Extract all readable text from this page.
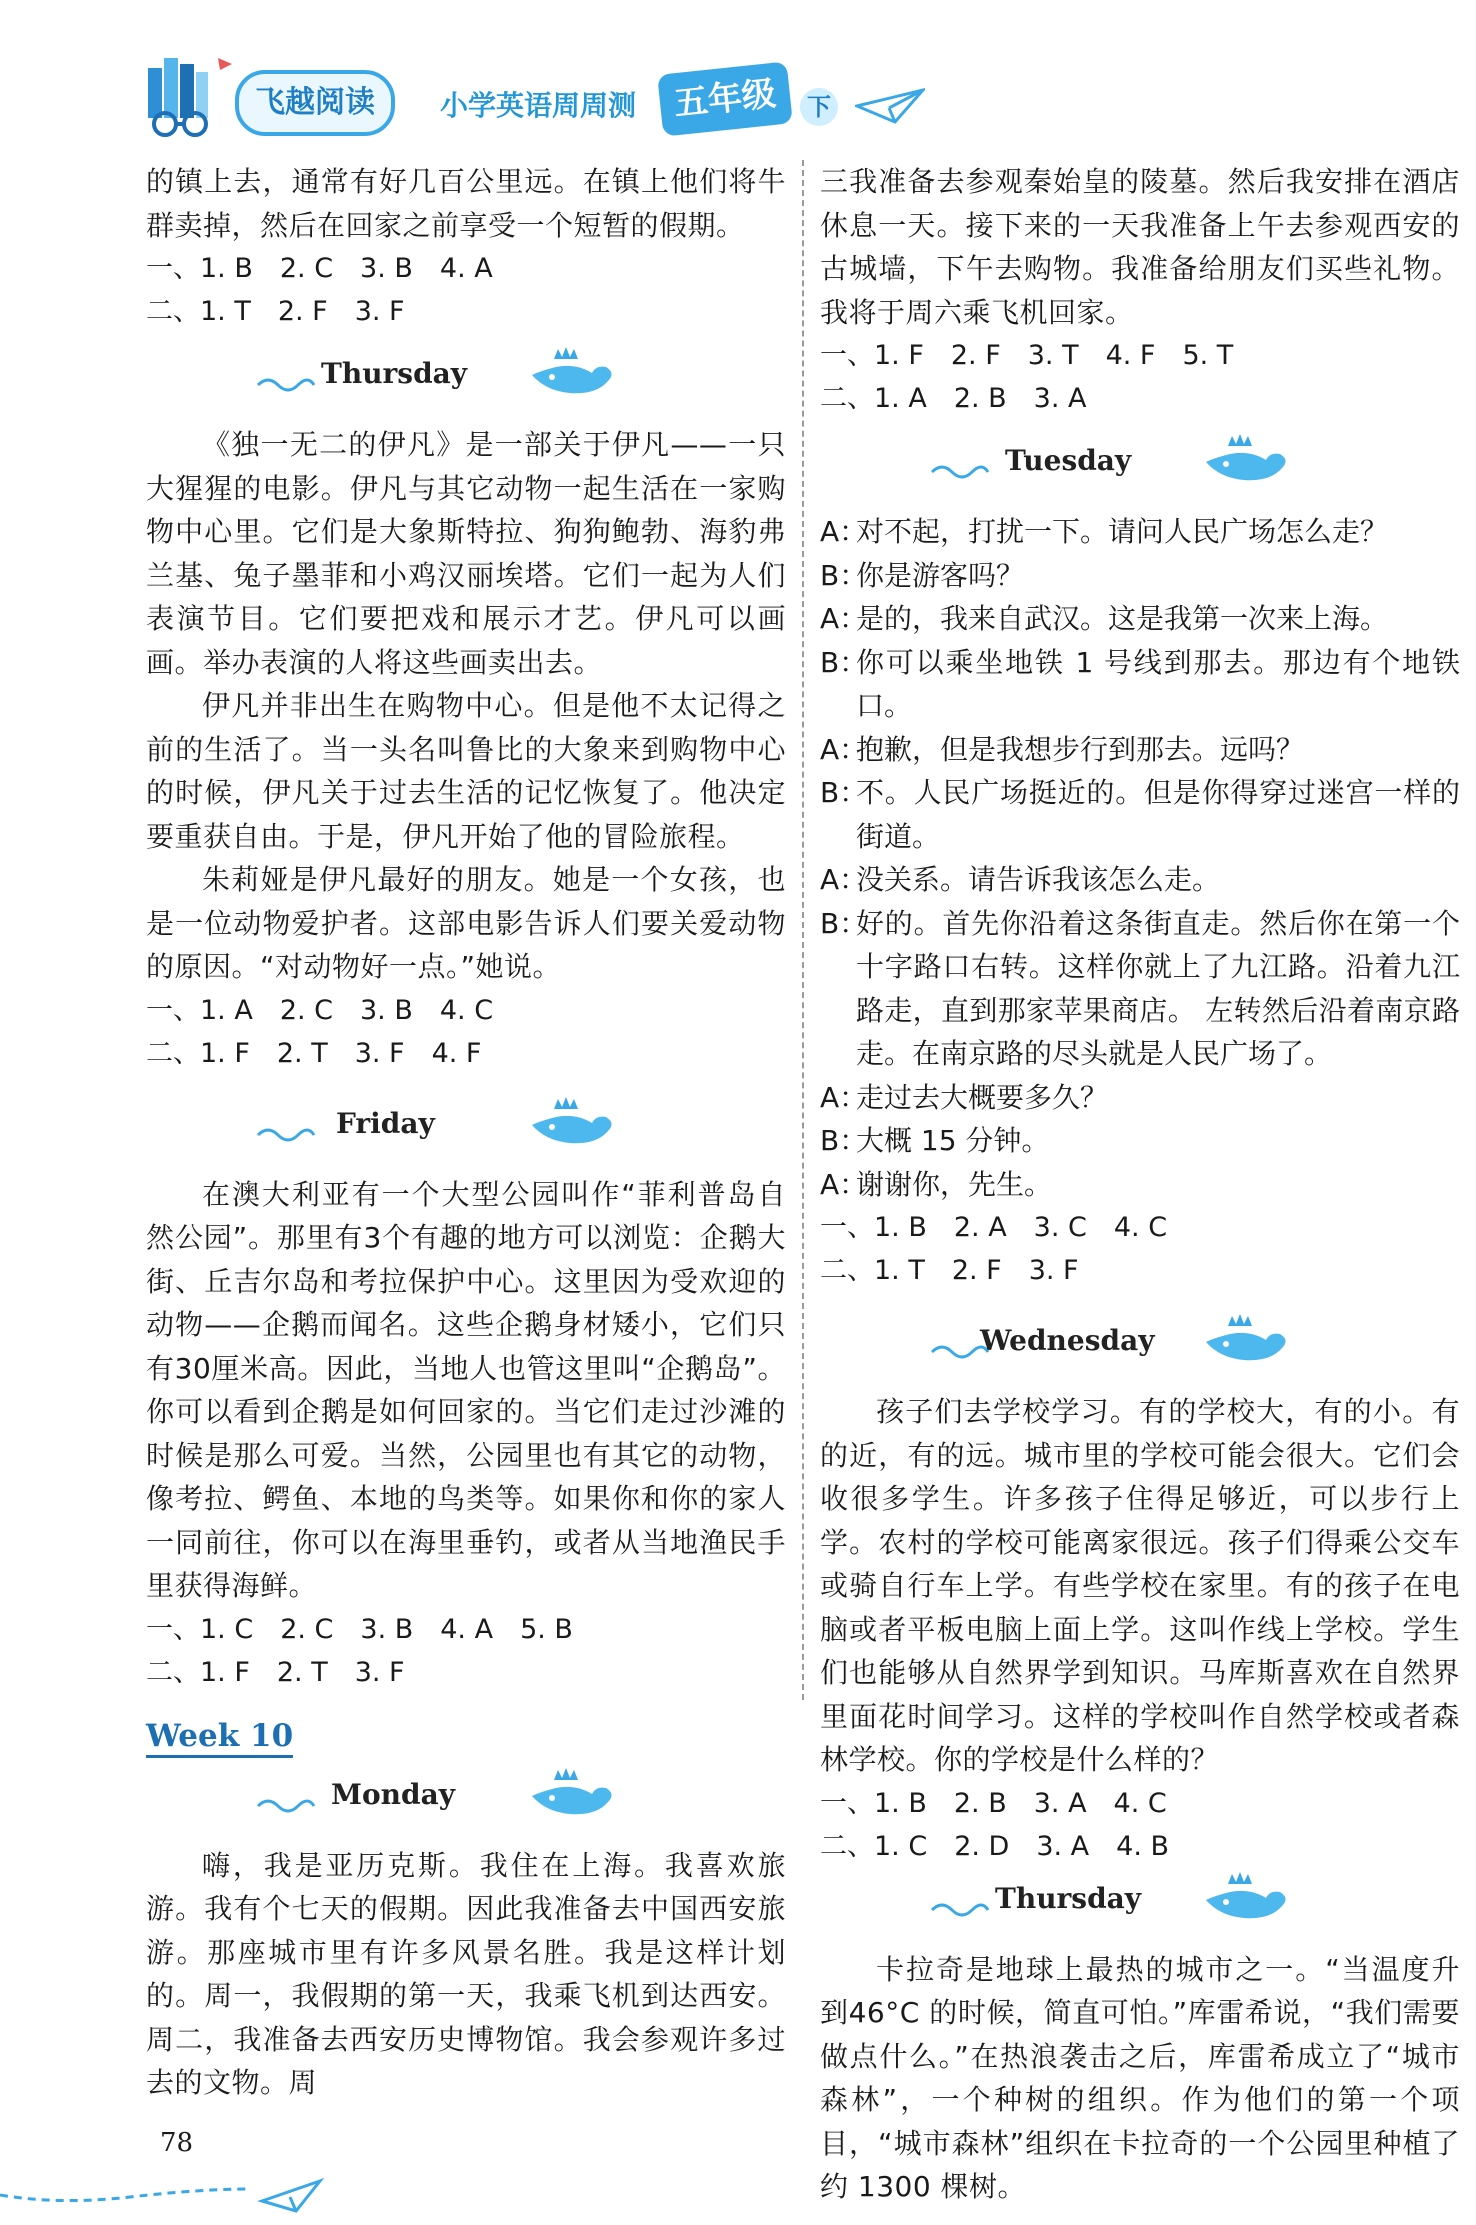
飞越阅读	小学英语周周测	五年级	下

的镇上去，通常有好几百公里远。在镇上他们将牛群卖掉，然后在回家之前享受一个短暂的假期。

一、1. B　2. C　3. B　4. A

二、1. T　2. F　3. F

Thursday

《独一无二的伊凡》是一部关于伊凡——一只大猩猩的电影。伊凡与其它动物一起生活在一家购物中心里。它们是大象斯特拉、狗狗鲍勃、海豹弗兰基、兔子墨菲和小鸡汉丽埃塔。它们一起为人们表演节目。它们要把戏和展示才艺。伊凡可以画画。举办表演的人将这些画卖出去。

伊凡并非出生在购物中心。但是他不太记得之前的生活了。当一头名叫鲁比的大象来到购物中心的时候，伊凡关于过去生活的记忆恢复了。他决定要重获自由。于是，伊凡开始了他的冒险旅程。

朱莉娅是伊凡最好的朋友。她是一个女孩，也是一位动物爱护者。这部电影告诉人们要关爱动物的原因。“对动物好一点。”她说。

一、1. A　2. C　3. B　4. C

二、1. F　2. T　3. F　4. F

Friday

在澳大利亚有一个大型公园叫作“菲利普岛自然公园”。那里有3个有趣的地方可以浏览：企鹅大街、丘吉尔岛和考拉保护中心。这里因为受欢迎的动物——企鹅而闻名。这些企鹅身材矮小，它们只有30厘米高。因此，当地人也管这里叫“企鹅岛”。你可以看到企鹅是如何回家的。当它们走过沙滩的时候是那么可爱。当然，公园里也有其它的动物，像考拉、鳄鱼、本地的鸟类等。如果你和你的家人一同前往，你可以在海里垂钓，或者从当地渔民手里获得海鲜。

一、1. C　2. C　3. B　4. A　5. B

二、1. F　2. T　3. F

Week 10
Monday

嗨，我是亚历克斯。我住在上海。我喜欢旅游。我有个七天的假期。因此我准备去中国西安旅游。那座城市里有许多风景名胜。我是这样计划的。周一，我假期的第一天，我乘飞机到达西安。周二，我准备去西安历史博物馆。我会参观许多过去的文物。周

三我准备去参观秦始皇的陵墓。然后我安排在酒店休息一天。接下来的一天我准备上午去参观西安的古城墙，下午去购物。我准备给朋友们买些礼物。我将于周六乘飞机回家。

一、1. F　2. F　3. T　4. F　5. T

二、1. A　2. B　3. A

Tuesday
A：
对不起，打扰一下。请问人民广场怎么走？
B：
你是游客吗？
A：
是的，我来自武汉。这是我第一次来上海。
B：
你可以乘坐地铁 1 号线到那去。那边有个地铁口。
A：
抱歉，但是我想步行到那去。远吗？
B：
不。人民广场挺近的。但是你得穿过迷宫一样的街道。
A：
没关系。请告诉我该怎么走。
B：
好的。首先你沿着这条街直走。然后你在第一个十字路口右转。这样你就上了九江路。沿着九江路走，直到那家苹果商店。 左转然后沿着南京路走。在南京路的尽头就是人民广场了。
A：
走过去大概要多久？
B：
大概 15 分钟。
A：
谢谢你，先生。

一、1. B　2. A　3. C　4. C

二、1. T　2. F　3. F

Wednesday

孩子们去学校学习。有的学校大，有的小。有的近，有的远。城市里的学校可能会很大。它们会收很多学生。许多孩子住得足够近，可以步行上学。农村的学校可能离家很远。孩子们得乘公交车或骑自行车上学。有些学校在家里。有的孩子在电脑或者平板电脑上面上学。这叫作线上学校。学生们也能够从自然界学到知识。马库斯喜欢在自然界里面花时间学习。这样的学校叫作自然学校或者森林学校。你的学校是什么样的？

一、1. B　2. B　3. A　4. C

二、1. C　2. D　3. A　4. B

Thursday

卡拉奇是地球上最热的城市之一。“当温度升到46°C 的时候，简直可怕。”库雷希说，“我们需要做点什么。”在热浪袭击之后，库雷希成立了“城市森林”，一个种树的组织。作为他们的第一个项目，“城市森林”组织在卡拉奇的一个公园里种植了约 1300 棵树。

78
